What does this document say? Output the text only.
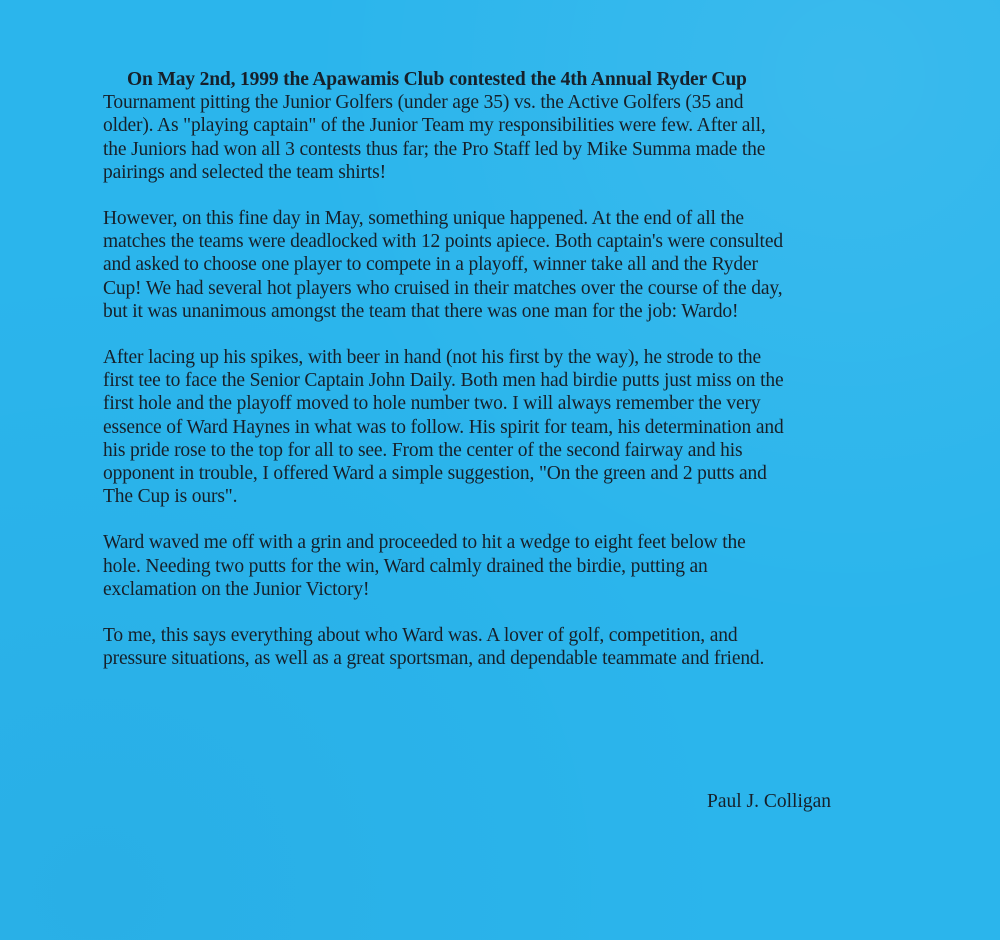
On May 2nd, 1999 the Apawamis Club contested the 4th Annual Ryder Cup
Tournament pitting the Junior Golfers (under age 35) vs. the Active Golfers (35 and
older). As "playing captain" of the Junior Team my responsibilities were few. After all,
the Juniors had won all 3 contests thus far; the Pro Staff led by Mike Summa made the
pairings and selected the team shirts!

However, on this fine day in May, something unique happened. At the end of all the
matches the teams were deadlocked with 12 points apiece. Both captain's were consulted
and asked to choose one player to compete in a playoff, winner take all and the Ryder
Cup! We had several hot players who cruised in their matches over the course of the day,
but it was unanimous amongst the team that there was one man for the job: Wardo!

After lacing up his spikes, with beer in hand (not his first by the way), he strode to the
first tee to face the Senior Captain John Daily. Both men had birdie putts just miss on the
first hole and the playoff moved to hole number two. I will always remember the very
essence of Ward Haynes in what was to follow. His spirit for team, his determination and
his pride rose to the top for all to see. From the center of the second fairway and his
opponent in trouble, I offered Ward a simple suggestion, "On the green and 2 putts and
The Cup is ours".

Ward waved me off with a grin and proceeded to hit a wedge to eight feet below the
hole. Needing two putts for the win, Ward calmly drained the birdie, putting an
exclamation on the Junior Victory!

To me, this says everything about who Ward was. A lover of golf, competition, and
pressure situations, as well as a great sportsman, and dependable teammate and friend.

Paul J. Colligan
